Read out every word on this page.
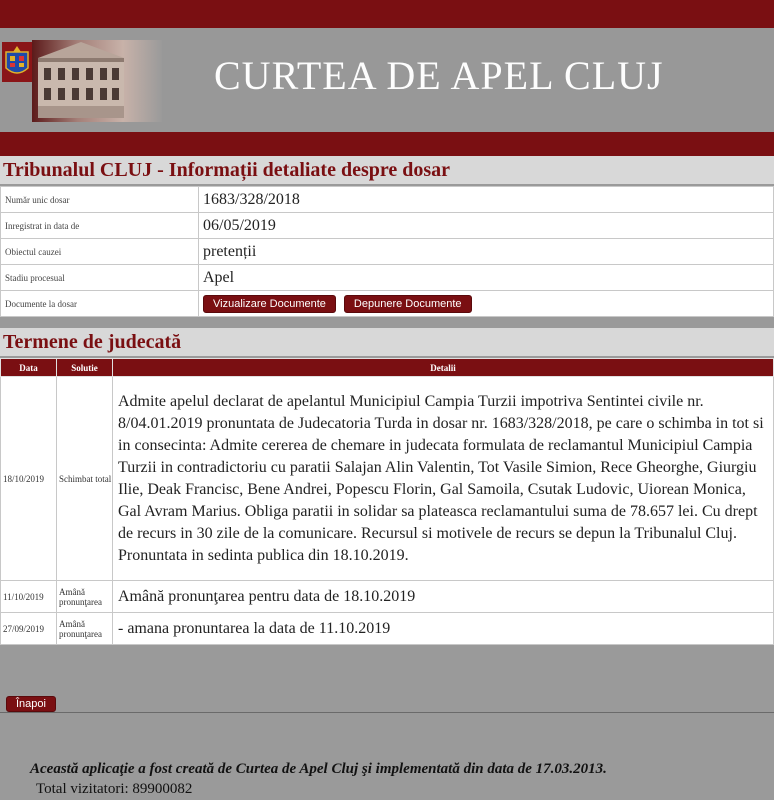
CURTEA DE APEL CLUJ
Tribunalul CLUJ - Informații detaliate despre dosar
Număr unic dosar	1683/328/2018
Inregistrat in data de	06/05/2019
Obiectul cauzei	pretenții
Stadiu procesual	Apel
Documente la dosar	Vizualizare Documente Depunere Documente
Termene de judecată
Data	Solutie	Detalii
18/10/2019	Schimbat total	Admite apelul declarat de apelantul Municipiul Campia Turzii impotriva Sentintei civile nr. 8/04.01.2019 pronuntata de Judecatoria Turda in dosar nr. 1683/328/2018, pe care o schimba in tot si in consecinta: Admite cererea de chemare in judecata formulata de reclamantul Municipiul Campia Turzii in contradictoriu cu paratii Salajan Alin Valentin, Tot Vasile Simion, Rece Gheorghe, Giurgiu Ilie, Deak Francisc, Bene Andrei, Popescu Florin, Gal Samoila, Csutak Ludovic, Uiorean Monica, Gal Avram Marius. Obliga paratii in solidar sa plateasca reclamantului suma de 78.657 lei. Cu drept de recurs in 30 zile de la comunicare. Recursul si motivele de recurs se depun la Tribunalul Cluj. Pronuntata in sedinta publica din 18.10.2019.
11/10/2019	Amână pronunţarea	Amână pronunţarea pentru data de 18.10.2019
27/09/2019	Amână pronunţarea	- amana pronuntarea la data de 11.10.2019
Înapoi
Această aplicaţie a fost creată de Curtea de Apel Cluj şi implementată din data de 17.03.2013.
Total vizitatori: 89900082
